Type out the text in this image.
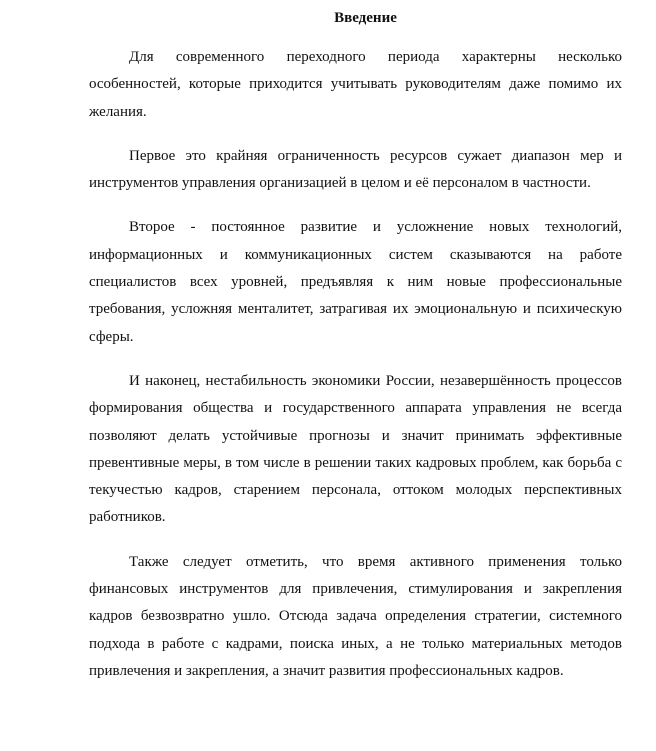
Введение

Для современного переходного периода характерны несколько особенностей, которые приходится учитывать руководителям даже помимо их желания.

Первое это крайняя ограниченность ресурсов сужает диапазон мер и инструментов управления организацией в целом и её персоналом в частности.

Второе - постоянное развитие и усложнение новых технологий, информационных и коммуникационных систем сказываются на работе специалистов всех уровней, предъявляя к ним новые профессиональные требования, усложняя менталитет, затрагивая их эмоциональную и психическую сферы.

И наконец, нестабильность экономики России, незавершённость процессов формирования общества и государственного аппарата управления не всегда позволяют делать устойчивые прогнозы и значит принимать эффективные превентивные меры, в том числе в решении таких кадровых проблем, как борьба с текучестью кадров, старением персонала, оттоком молодых перспективных работников.

Также следует отметить, что время активного применения только финансовых инструментов для привлечения, стимулирования и закрепления кадров безвозвратно ушло. Отсюда задача определения стратегии, системного подхода в работе с кадрами, поиска иных, а не только материальных методов привлечения и закрепления, а значит развития профессиональных кадров.
